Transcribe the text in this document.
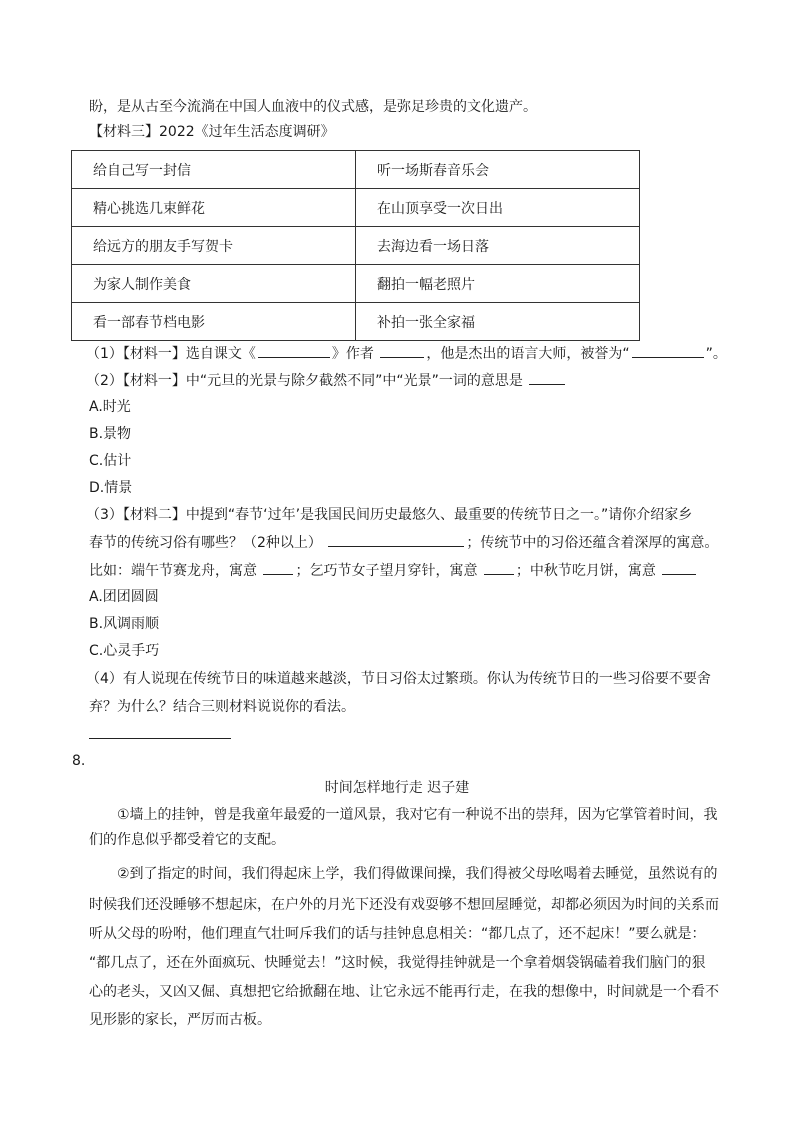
盼，是从古至今流淌在中国人血液中的仪式感，是弥足珍贵的文化遗产。
【材料三】2022《过年生活态度调研》
给自己写一封信	听一场斯春音乐会
精心挑选几束鲜花	在山顶享受一次日出
给远方的朋友手写贺卡	去海边看一场日落
为家人制作美食	翻拍一幅老照片
看一部春节档电影	补拍一张全家福
（1）【材料一】选自课文《	》作者	，他是杰出的语言大师，被誉为“	”。
（2）【材料一】中“元旦的光景与除夕截然不同”中“光景”一词的意思是
A.时光
B.景物
C.估计
D.情景
（3）【材料二】中提到“春节‘过年’是我国民间历史最悠久、最重要的传统节日之一。”请你介绍家乡
春节的传统习俗有哪些？（2种以上）	；传统节中的习俗还蕴含着深厚的寓意。
比如：端午节赛龙舟，寓意	；乞巧节女子望月穿针，寓意	；中秋节吃月饼，寓意
A.团团圆圆
B.风调雨顺
C.心灵手巧
（4）有人说现在传统节日的味道越来越淡，节日习俗太过繁琐。你认为传统节日的一些习俗要不要舍
弃？为什么？结合三则材料说说你的看法。
8.
时间怎样地行走 迟子建
①墙上的挂钟，曾是我童年最爱的一道风景，我对它有一种说不出的崇拜，因为它掌管着时间，我
们的作息似乎都受着它的支配。
②到了指定的时间，我们得起床上学，我们得做课间操，我们得被父母吆喝着去睡觉，虽然说有的
时候我们还没睡够不想起床，在户外的月光下还没有戏耍够不想回屋睡觉，却都必须因为时间的关系而
听从父母的吩咐，他们理直气壮呵斥我们的话与挂钟息息相关：“都几点了，还不起床！”要么就是：
“都几点了，还在外面疯玩、快睡觉去！”这时候，我觉得挂钟就是一个拿着烟袋锅磕着我们脑门的狠
心的老头，又凶又倔、真想把它给掀翻在地、让它永远不能再行走，在我的想像中，时间就是一个看不
见形影的家长，严厉而古板。
